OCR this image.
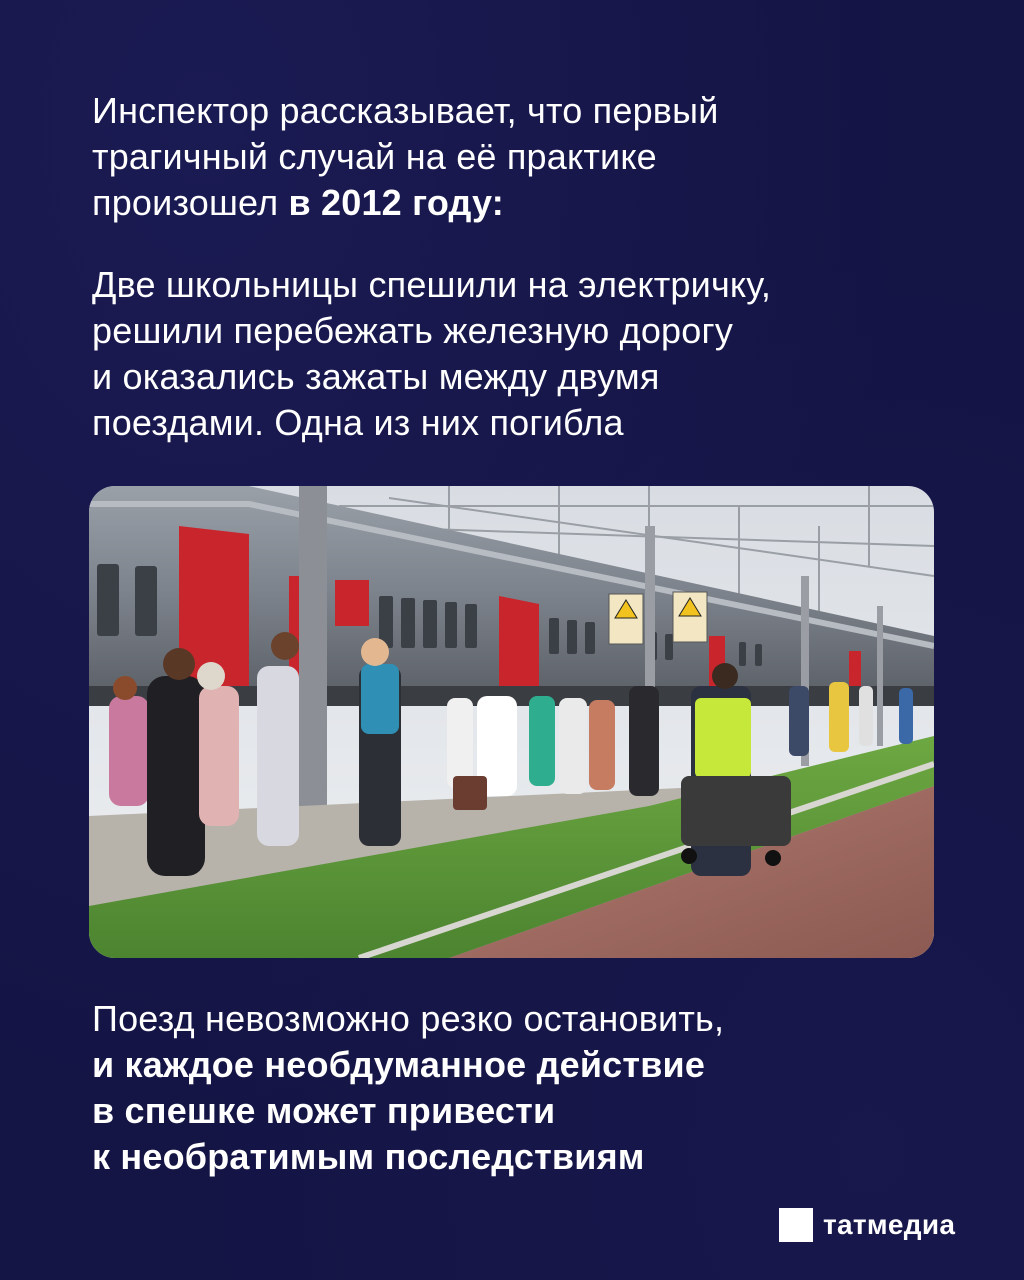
Инспектор рассказывает, что первый

трагичный случай на её практике

произошел в 2012 году:

Две школьницы спешили на электричку,

решили перебежать железную дорогу

и оказались зажаты между двумя

поездами. Одна из них погибла

Поезд невозможно резко остановить,

и каждое необдуманное действие

в спешке может привести

к необратимым последствиям

татмедиа
